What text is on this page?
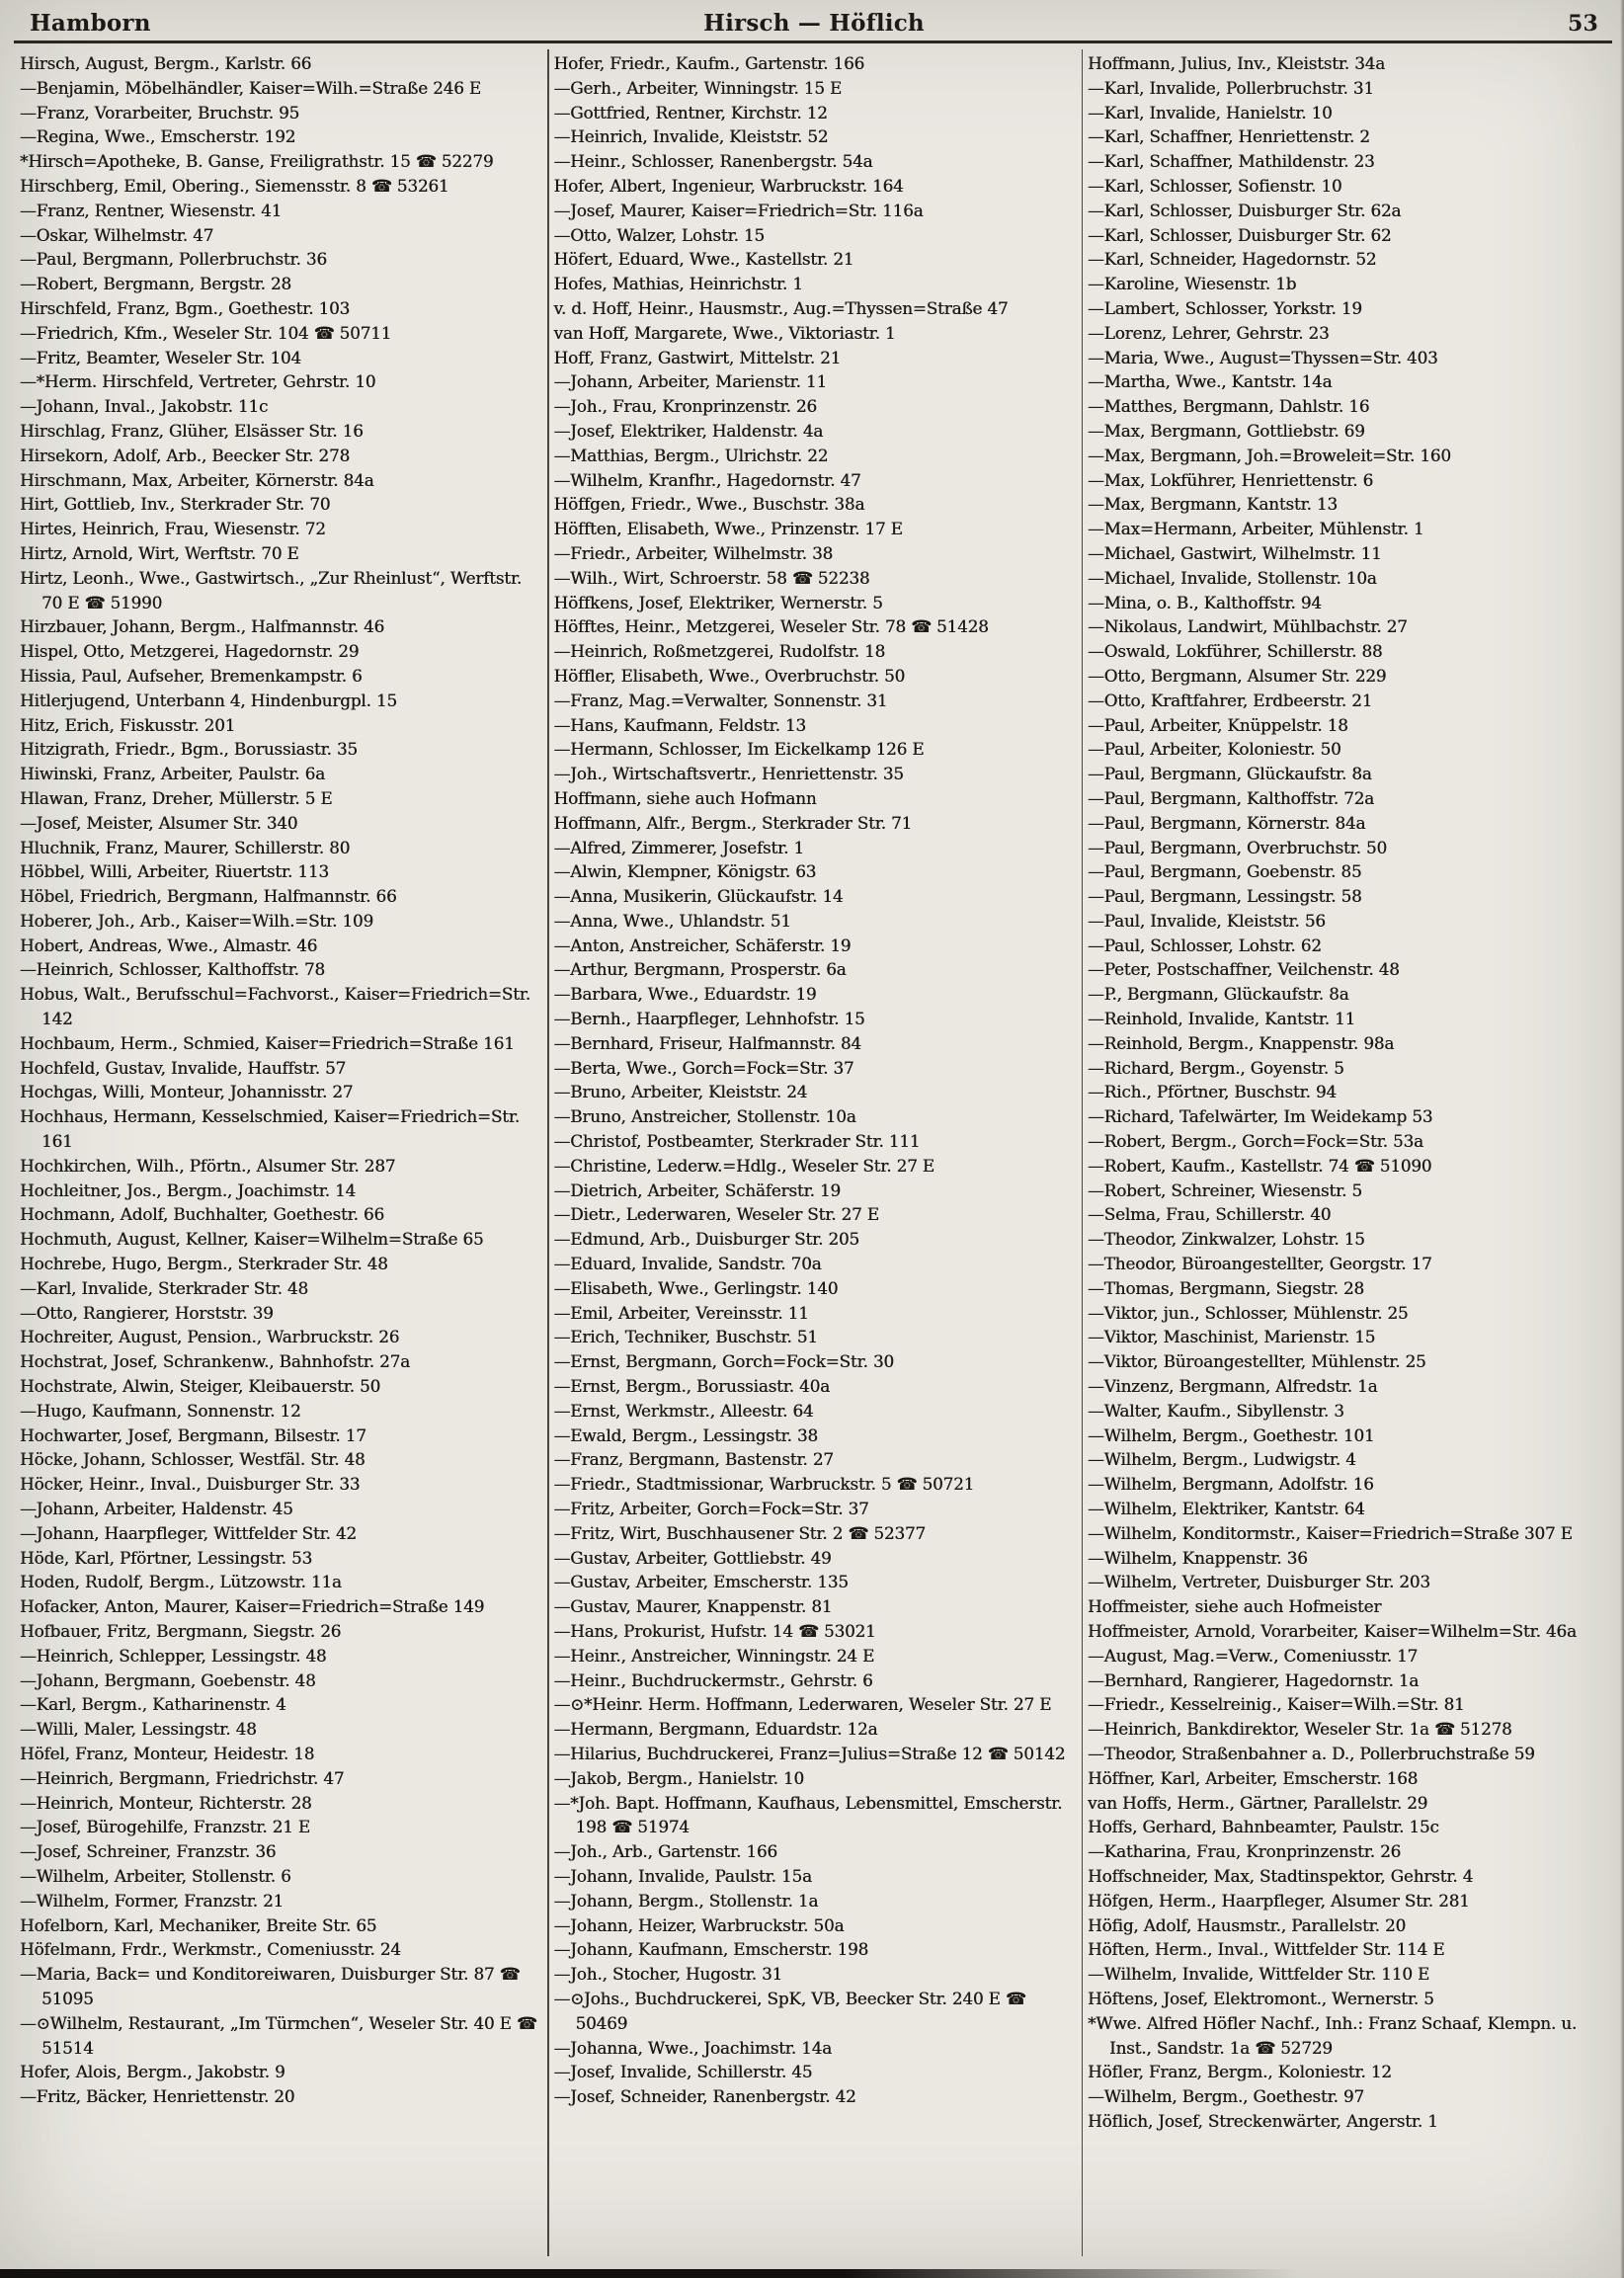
Hamborn	Hirsch — Höflich	53
Hirsch, August, Bergm., Karlstr. 66
—Benjamin, Möbelhändler, Kaiser=Wilh.=Straße 246 E
—Franz, Vorarbeiter, Bruchstr. 95
—Regina, Wwe., Emscherstr. 192
*Hirsch=Apotheke, B. Ganse, Freiligrathstr. 15 ☎ 52279
Hirschberg, Emil, Obering., Siemensstr. 8 ☎ 53261
—Franz, Rentner, Wiesenstr. 41
—Oskar, Wilhelmstr. 47
—Paul, Bergmann, Pollerbruchstr. 36
—Robert, Bergmann, Bergstr. 28
Hirschfeld, Franz, Bgm., Goethestr. 103
—Friedrich, Kfm., Weseler Str. 104 ☎ 50711
—Fritz, Beamter, Weseler Str. 104
—*Herm. Hirschfeld, Vertreter, Gehrstr. 10
—Johann, Inval., Jakobstr. 11c
Hirschlag, Franz, Glüher, Elsässer Str. 16
Hirsekorn, Adolf, Arb., Beecker Str. 278
Hirschmann, Max, Arbeiter, Körnerstr. 84a
Hirt, Gottlieb, Inv., Sterkrader Str. 70
Hirtes, Heinrich, Frau, Wiesenstr. 72
Hirtz, Arnold, Wirt, Werftstr. 70 E
Hirtz, Leonh., Wwe., Gastwirtsch., „Zur Rheinlust“, Werftstr. 70 E ☎ 51990
Hirzbauer, Johann, Bergm., Halfmannstr. 46
Hispel, Otto, Metzgerei, Hagedornstr. 29
Hissia, Paul, Aufseher, Bremenkampstr. 6
Hitlerjugend, Unterbann 4, Hindenburgpl. 15
Hitz, Erich, Fiskusstr. 201
Hitzigrath, Friedr., Bgm., Borussiastr. 35
Hiwinski, Franz, Arbeiter, Paulstr. 6a
Hlawan, Franz, Dreher, Müllerstr. 5 E
—Josef, Meister, Alsumer Str. 340
Hluchnik, Franz, Maurer, Schillerstr. 80
Höbbel, Willi, Arbeiter, Riuertstr. 113
Höbel, Friedrich, Bergmann, Halfmannstr. 66
Hoberer, Joh., Arb., Kaiser=Wilh.=Str. 109
Hobert, Andreas, Wwe., Almastr. 46
—Heinrich, Schlosser, Kalthoffstr. 78
Hobus, Walt., Berufsschul=Fachvorst., Kaiser=Friedrich=Str. 142
Hochbaum, Herm., Schmied, Kaiser=Friedrich=Straße 161
Hochfeld, Gustav, Invalide, Hauffstr. 57
Hochgas, Willi, Monteur, Johannisstr. 27
Hochhaus, Hermann, Kesselschmied, Kaiser=Friedrich=Str. 161
Hochkirchen, Wilh., Pförtn., Alsumer Str. 287
Hochleitner, Jos., Bergm., Joachimstr. 14
Hochmann, Adolf, Buchhalter, Goethestr. 66
Hochmuth, August, Kellner, Kaiser=Wilhelm=Straße 65
Hochrebe, Hugo, Bergm., Sterkrader Str. 48
—Karl, Invalide, Sterkrader Str. 48
—Otto, Rangierer, Horststr. 39
Hochreiter, August, Pension., Warbruckstr. 26
Hochstrat, Josef, Schrankenw., Bahnhofstr. 27a
Hochstrate, Alwin, Steiger, Kleibauerstr. 50
—Hugo, Kaufmann, Sonnenstr. 12
Hochwarter, Josef, Bergmann, Bilsestr. 17
Höcke, Johann, Schlosser, Westfäl. Str. 48
Höcker, Heinr., Inval., Duisburger Str. 33
—Johann, Arbeiter, Haldenstr. 45
—Johann, Haarpfleger, Wittfelder Str. 42
Höde, Karl, Pförtner, Lessingstr. 53
Hoden, Rudolf, Bergm., Lützowstr. 11a
Hofacker, Anton, Maurer, Kaiser=Friedrich=Straße 149
Hofbauer, Fritz, Bergmann, Siegstr. 26
—Heinrich, Schlepper, Lessingstr. 48
—Johann, Bergmann, Goebenstr. 48
—Karl, Bergm., Katharinenstr. 4
—Willi, Maler, Lessingstr. 48
Höfel, Franz, Monteur, Heidestr. 18
—Heinrich, Bergmann, Friedrichstr. 47
—Heinrich, Monteur, Richterstr. 28
—Josef, Bürogehilfe, Franzstr. 21 E
—Josef, Schreiner, Franzstr. 36
—Wilhelm, Arbeiter, Stollenstr. 6
—Wilhelm, Former, Franzstr. 21
Hofelborn, Karl, Mechaniker, Breite Str. 65
Höfelmann, Frdr., Werkmstr., Comeniusstr. 24
—Maria, Back= und Konditoreiwaren, Duisburger Str. 87 ☎ 51095
—⊙Wilhelm, Restaurant, „Im Türmchen“, Weseler Str. 40 E ☎ 51514
Hofer, Alois, Bergm., Jakobstr. 9
—Fritz, Bäcker, Henriettenstr. 20
Hofer, Friedr., Kaufm., Gartenstr. 166
—Gerh., Arbeiter, Winningstr. 15 E
—Gottfried, Rentner, Kirchstr. 12
—Heinrich, Invalide, Kleiststr. 52
—Heinr., Schlosser, Ranenbergstr. 54a
Hofer, Albert, Ingenieur, Warbruckstr. 164
—Josef, Maurer, Kaiser=Friedrich=Str. 116a
—Otto, Walzer, Lohstr. 15
Höfert, Eduard, Wwe., Kastellstr. 21
Hofes, Mathias, Heinrichstr. 1
v. d. Hoff, Heinr., Hausmstr., Aug.=Thyssen=Straße 47
van Hoff, Margarete, Wwe., Viktoriastr. 1
Hoff, Franz, Gastwirt, Mittelstr. 21
—Johann, Arbeiter, Marienstr. 11
—Joh., Frau, Kronprinzenstr. 26
—Josef, Elektriker, Haldenstr. 4a
—Matthias, Bergm., Ulrichstr. 22
—Wilhelm, Kranfhr., Hagedornstr. 47
Höffgen, Friedr., Wwe., Buschstr. 38a
Höfften, Elisabeth, Wwe., Prinzenstr. 17 E
—Friedr., Arbeiter, Wilhelmstr. 38
—Wilh., Wirt, Schroerstr. 58 ☎ 52238
Höffkens, Josef, Elektriker, Wernerstr. 5
Höfftes, Heinr., Metzgerei, Weseler Str. 78 ☎ 51428
—Heinrich, Roßmetzgerei, Rudolfstr. 18
Höffler, Elisabeth, Wwe., Overbruchstr. 50
—Franz, Mag.=Verwalter, Sonnenstr. 31
—Hans, Kaufmann, Feldstr. 13
—Hermann, Schlosser, Im Eickelkamp 126 E
—Joh., Wirtschaftsvertr., Henriettenstr. 35
Hoffmann, siehe auch Hofmann
Hoffmann, Alfr., Bergm., Sterkrader Str. 71
—Alfred, Zimmerer, Josefstr. 1
—Alwin, Klempner, Königstr. 63
—Anna, Musikerin, Glückaufstr. 14
—Anna, Wwe., Uhlandstr. 51
—Anton, Anstreicher, Schäferstr. 19
—Arthur, Bergmann, Prosperstr. 6a
—Barbara, Wwe., Eduardstr. 19
—Bernh., Haarpfleger, Lehnhofstr. 15
—Bernhard, Friseur, Halfmannstr. 84
—Berta, Wwe., Gorch=Fock=Str. 37
—Bruno, Arbeiter, Kleiststr. 24
—Bruno, Anstreicher, Stollenstr. 10a
—Christof, Postbeamter, Sterkrader Str. 111
—Christine, Lederw.=Hdlg., Weseler Str. 27 E
—Dietrich, Arbeiter, Schäferstr. 19
—Dietr., Lederwaren, Weseler Str. 27 E
—Edmund, Arb., Duisburger Str. 205
—Eduard, Invalide, Sandstr. 70a
—Elisabeth, Wwe., Gerlingstr. 140
—Emil, Arbeiter, Vereinsstr. 11
—Erich, Techniker, Buschstr. 51
—Ernst, Bergmann, Gorch=Fock=Str. 30
—Ernst, Bergm., Borussiastr. 40a
—Ernst, Werkmstr., Alleestr. 64
—Ewald, Bergm., Lessingstr. 38
—Franz, Bergmann, Bastenstr. 27
—Friedr., Stadtmissionar, Warbruckstr. 5 ☎ 50721
—Fritz, Arbeiter, Gorch=Fock=Str. 37
—Fritz, Wirt, Buschhausener Str. 2 ☎ 52377
—Gustav, Arbeiter, Gottliebstr. 49
—Gustav, Arbeiter, Emscherstr. 135
—Gustav, Maurer, Knappenstr. 81
—Hans, Prokurist, Hufstr. 14 ☎ 53021
—Heinr., Anstreicher, Winningstr. 24 E
—Heinr., Buchdruckermstr., Gehrstr. 6
—⊙*Heinr. Herm. Hoffmann, Lederwaren, Weseler Str. 27 E
—Hermann, Bergmann, Eduardstr. 12a
—Hilarius, Buchdruckerei, Franz=Julius=Straße 12 ☎ 50142
—Jakob, Bergm., Hanielstr. 10
—*Joh. Bapt. Hoffmann, Kaufhaus, Lebensmittel, Emscherstr. 198 ☎ 51974
—Joh., Arb., Gartenstr. 166
—Johann, Invalide, Paulstr. 15a
—Johann, Bergm., Stollenstr. 1a
—Johann, Heizer, Warbruckstr. 50a
—Johann, Kaufmann, Emscherstr. 198
—Joh., Stocher, Hugostr. 31
—⊙Johs., Buchdruckerei, SpK, VB, Beecker Str. 240 E ☎ 50469
—Johanna, Wwe., Joachimstr. 14a
—Josef, Invalide, Schillerstr. 45
—Josef, Schneider, Ranenbergstr. 42
Hoffmann, Julius, Inv., Kleiststr. 34a
—Karl, Invalide, Pollerbruchstr. 31
—Karl, Invalide, Hanielstr. 10
—Karl, Schaffner, Henriettenstr. 2
—Karl, Schaffner, Mathildenstr. 23
—Karl, Schlosser, Sofienstr. 10
—Karl, Schlosser, Duisburger Str. 62a
—Karl, Schlosser, Duisburger Str. 62
—Karl, Schneider, Hagedornstr. 52
—Karoline, Wiesenstr. 1b
—Lambert, Schlosser, Yorkstr. 19
—Lorenz, Lehrer, Gehrstr. 23
—Maria, Wwe., August=Thyssen=Str. 403
—Martha, Wwe., Kantstr. 14a
—Matthes, Bergmann, Dahlstr. 16
—Max, Bergmann, Gottliebstr. 69
—Max, Bergmann, Joh.=Broweleit=Str. 160
—Max, Lokführer, Henriettenstr. 6
—Max, Bergmann, Kantstr. 13
—Max=Hermann, Arbeiter, Mühlenstr. 1
—Michael, Gastwirt, Wilhelmstr. 11
—Michael, Invalide, Stollenstr. 10a
—Mina, o. B., Kalthoffstr. 94
—Nikolaus, Landwirt, Mühlbachstr. 27
—Oswald, Lokführer, Schillerstr. 88
—Otto, Bergmann, Alsumer Str. 229
—Otto, Kraftfahrer, Erdbeerstr. 21
—Paul, Arbeiter, Knüppelstr. 18
—Paul, Arbeiter, Koloniestr. 50
—Paul, Bergmann, Glückaufstr. 8a
—Paul, Bergmann, Kalthoffstr. 72a
—Paul, Bergmann, Körnerstr. 84a
—Paul, Bergmann, Overbruchstr. 50
—Paul, Bergmann, Goebenstr. 85
—Paul, Bergmann, Lessingstr. 58
—Paul, Invalide, Kleiststr. 56
—Paul, Schlosser, Lohstr. 62
—Peter, Postschaffner, Veilchenstr. 48
—P., Bergmann, Glückaufstr. 8a
—Reinhold, Invalide, Kantstr. 11
—Reinhold, Bergm., Knappenstr. 98a
—Richard, Bergm., Goyenstr. 5
—Rich., Pförtner, Buschstr. 94
—Richard, Tafelwärter, Im Weidekamp 53
—Robert, Bergm., Gorch=Fock=Str. 53a
—Robert, Kaufm., Kastellstr. 74 ☎ 51090
—Robert, Schreiner, Wiesenstr. 5
—Selma, Frau, Schillerstr. 40
—Theodor, Zinkwalzer, Lohstr. 15
—Theodor, Büroangestellter, Georgstr. 17
—Thomas, Bergmann, Siegstr. 28
—Viktor, jun., Schlosser, Mühlenstr. 25
—Viktor, Maschinist, Marienstr. 15
—Viktor, Büroangestellter, Mühlenstr. 25
—Vinzenz, Bergmann, Alfredstr. 1a
—Walter, Kaufm., Sibyllenstr. 3
—Wilhelm, Bergm., Goethestr. 101
—Wilhelm, Bergm., Ludwigstr. 4
—Wilhelm, Bergmann, Adolfstr. 16
—Wilhelm, Elektriker, Kantstr. 64
—Wilhelm, Konditormstr., Kaiser=Friedrich=Straße 307 E
—Wilhelm, Knappenstr. 36
—Wilhelm, Vertreter, Duisburger Str. 203
Hoffmeister, siehe auch Hofmeister
Hoffmeister, Arnold, Vorarbeiter, Kaiser=Wilhelm=Str. 46a
—August, Mag.=Verw., Comeniusstr. 17
—Bernhard, Rangierer, Hagedornstr. 1a
—Friedr., Kesselreinig., Kaiser=Wilh.=Str. 81
—Heinrich, Bankdirektor, Weseler Str. 1a ☎ 51278
—Theodor, Straßenbahner a. D., Pollerbruchstraße 59
Höffner, Karl, Arbeiter, Emscherstr. 168
van Hoffs, Herm., Gärtner, Parallelstr. 29
Hoffs, Gerhard, Bahnbeamter, Paulstr. 15c
—Katharina, Frau, Kronprinzenstr. 26
Hoffschneider, Max, Stadtinspektor, Gehrstr. 4
Höfgen, Herm., Haarpfleger, Alsumer Str. 281
Höfig, Adolf, Hausmstr., Parallelstr. 20
Höften, Herm., Inval., Wittfelder Str. 114 E
—Wilhelm, Invalide, Wittfelder Str. 110 E
Höftens, Josef, Elektromont., Wernerstr. 5
*Wwe. Alfred Höfler Nachf., Inh.: Franz Schaaf, Klempn. u. Inst., Sandstr. 1a ☎ 52729
Höfler, Franz, Bergm., Koloniestr. 12
—Wilhelm, Bergm., Goethestr. 97
Höflich, Josef, Streckenwärter, Angerstr. 1
